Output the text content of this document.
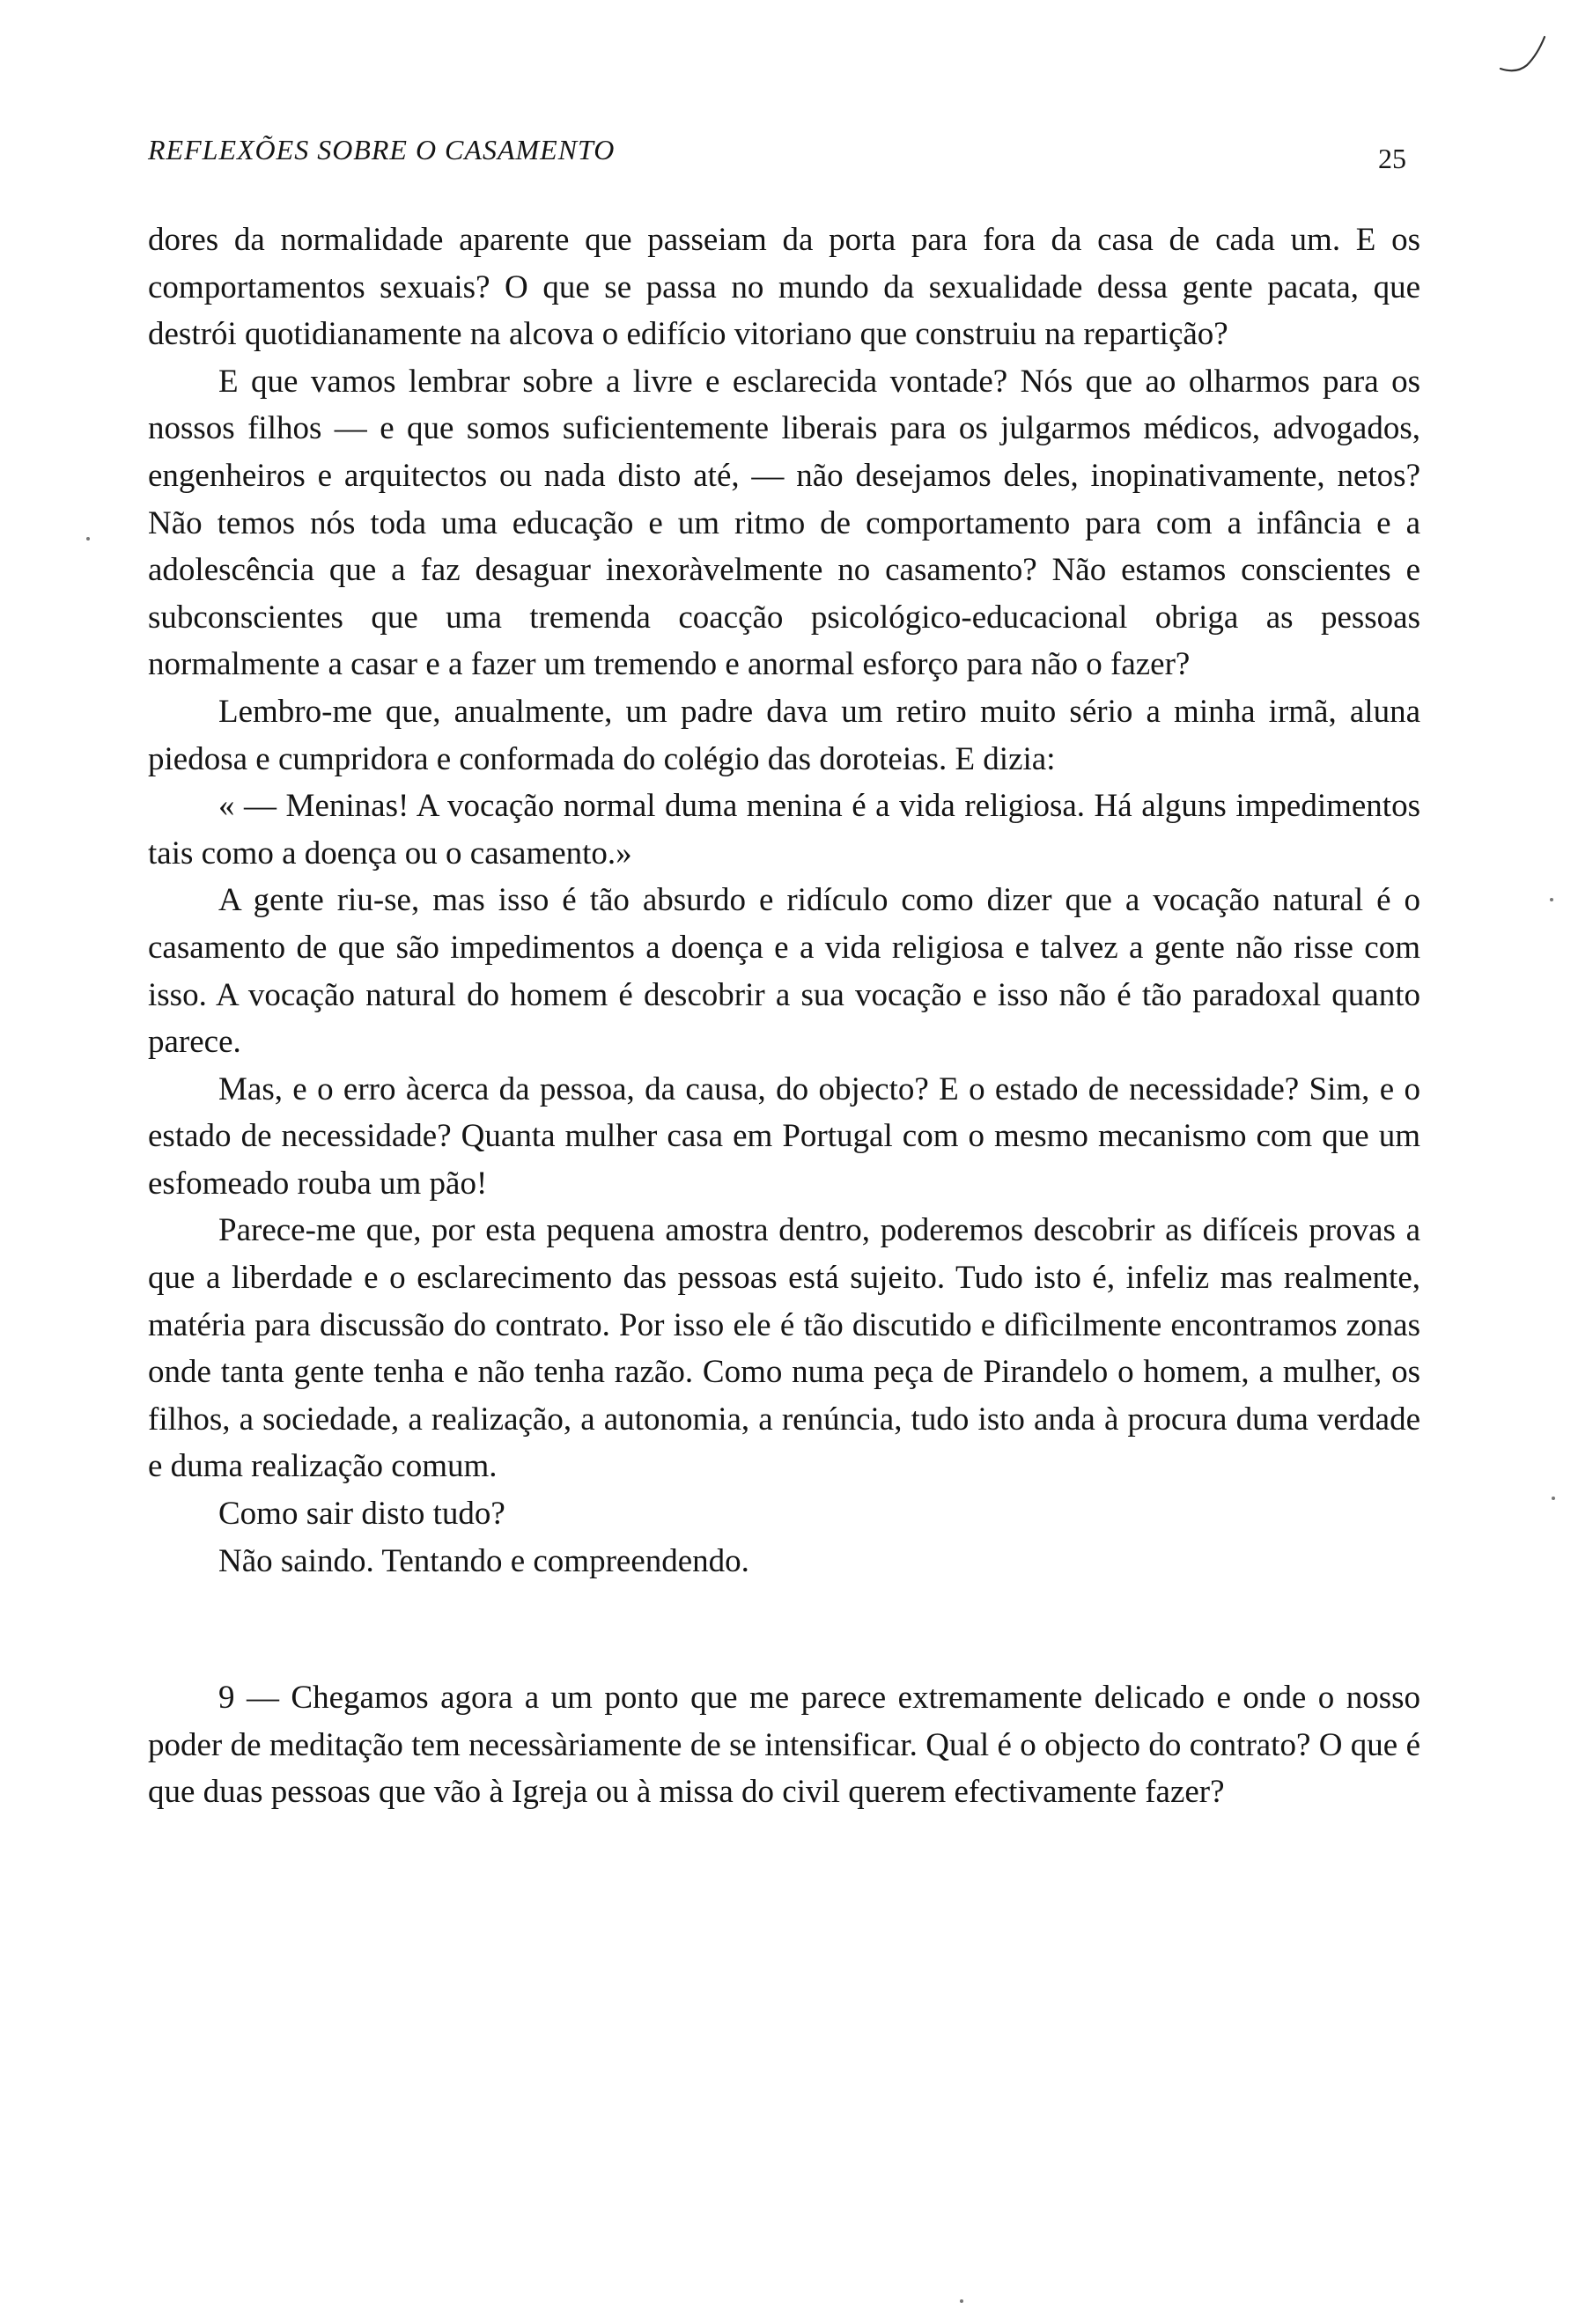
REFLEXÕES SOBRE O CASAMENTO	25

dores da normalidade aparente que passeiam da porta para fora da casa de cada um. E os comportamentos sexuais? O que se passa no mundo da sexualidade dessa gente pacata, que destrói quotidianamente na alcova o edifício vitoriano que construiu na repartição?

E que vamos lembrar sobre a livre e esclarecida vontade? Nós que ao olharmos para os nossos filhos — e que somos suficientemente liberais para os julgarmos médicos, advogados, engenheiros e arquitectos ou nada disto até, — não desejamos deles, inopinativamente, netos? Não temos nós toda uma educação e um ritmo de comportamento para com a infância e a adolescência que a faz desaguar inexoràvelmente no casamento? Não estamos conscientes e subconscientes que uma tremenda coacção psicológico-educacional obriga as pessoas normalmente a casar e a fazer um tremendo e anormal esforço para não o fazer?

Lembro-me que, anualmente, um padre dava um retiro muito sério a minha irmã, aluna piedosa e cumpridora e conformada do colégio das doroteias. E dizia:

« — Meninas! A vocação normal duma menina é a vida religiosa. Há alguns impedimentos tais como a doença ou o casamento.»

A gente riu-se, mas isso é tão absurdo e ridículo como dizer que a vocação natural é o casamento de que são impedimentos a doença e a vida religiosa e talvez a gente não risse com isso. A vocação natural do homem é descobrir a sua vocação e isso não é tão paradoxal quanto parece.

Mas, e o erro àcerca da pessoa, da causa, do objecto? E o estado de necessidade? Sim, e o estado de necessidade? Quanta mulher casa em Portugal com o mesmo mecanismo com que um esfomeado rouba um pão!

Parece-me que, por esta pequena amostra dentro, poderemos descobrir as difíceis provas a que a liberdade e o esclarecimento das pessoas está sujeito. Tudo isto é, infeliz mas realmente, matéria para discussão do contrato. Por isso ele é tão discutido e difìcilmente encontramos zonas onde tanta gente tenha e não tenha razão. Como numa peça de Pirandelo o homem, a mulher, os filhos, a sociedade, a realização, a autonomia, a renúncia, tudo isto anda à procura duma verdade e duma realização comum.

Como sair disto tudo?

Não saindo. Tentando e compreendendo.

9 — Chegamos agora a um ponto que me parece extremamente delicado e onde o nosso poder de meditação tem necessàriamente de se intensificar. Qual é o objecto do contrato? O que é que duas pessoas que vão à Igreja ou à missa do civil querem efectivamente fazer?
